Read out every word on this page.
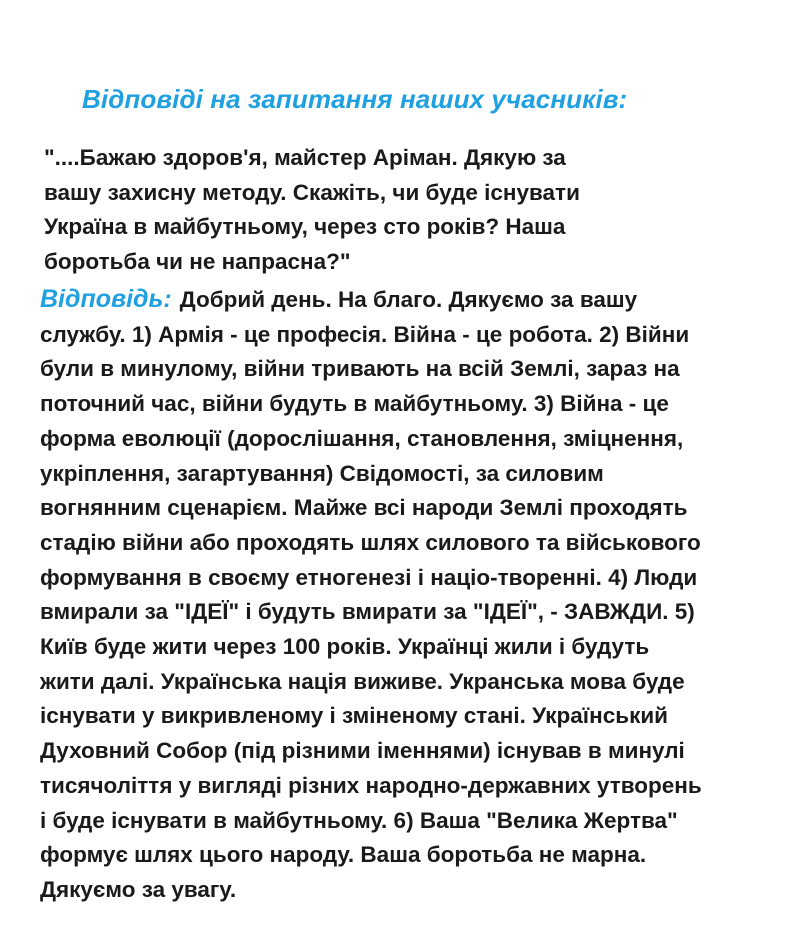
Відповіді на запитання наших учасників:

"....Бажаю здоров'я, майстер Аріман. Дякую за
вашу захисну методу. Скажіть, чи буде існувати
Україна в майбутньому, через сто років? Наша
боротьба чи не напрасна?"

Відповідь: Добрий день. На благо. Дякуємо за вашу
службу. 1) Армія - це професія. Війна - це робота. 2) Війни
були в минулому, війни тривають на всій Землі, зараз на
поточний час, війни будуть в майбутньому. 3) Війна - це
форма еволюції (дорослішання, становлення, зміцнення,
укріплення, загартування) Свідомості, за силовим
вогнянним сценарієм. Майже всі народи Землі проходять
стадію війни або проходять шлях силового та військового
формування в своєму етногенезі і націо-творенні. 4) Люди
вмирали за "ІДЕЇ" і будуть вмирати за "ІДЕЇ", - ЗАВЖДИ. 5)
Київ буде жити через 100 років. Українці жили і будуть
жити далі. Українська нація виживе. Укранська мова буде
існувати у викривленому і зміненому стані. Український
Духовний Собор (під різними іменнями) існував в минулі
тисячоліття у вигляді різних народно-державних утворень
і буде існувати в майбутньому. 6) Ваша "Велика Жертва"
формує шлях цього народу. Ваша боротьба не марна.
Дякуємо за увагу.
